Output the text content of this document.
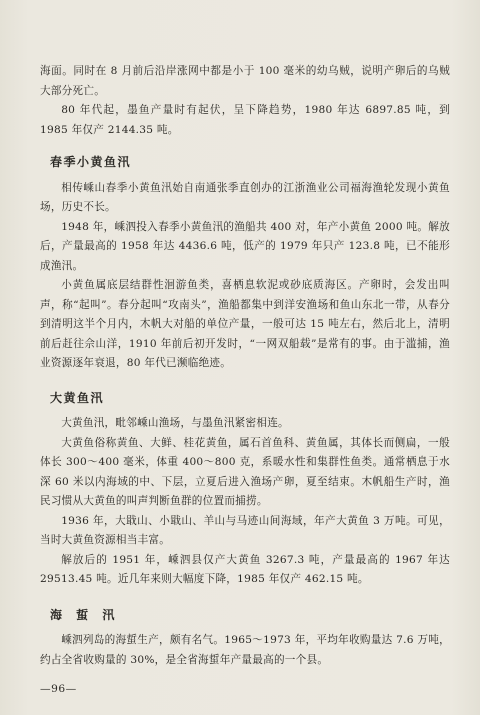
海面。同时在 8 月前后沿岸涨网中都是小于 100 毫米的幼乌贼，说明产卵后的乌贼大部分死亡。

80 年代起，墨鱼产量时有起伏，呈下降趋势，1980 年达 6897.85 吨，到 1985 年仅产 2144.35 吨。

春季小黄鱼汛

相传嵊山春季小黄鱼汛始自南通张季直创办的江浙渔业公司福海渔轮发现小黄鱼场，历史不长。

1948 年，嵊泗投入春季小黄鱼汛的渔船共 400 对，年产小黄鱼 2000 吨。解放后，产量最高的 1958 年达 4436.6 吨，低产的 1979 年只产 123.8 吨，已不能形成渔汛。

小黄鱼属底层结群性洄游鱼类，喜栖息软泥或砂底质海区。产卵时，会发出叫声，称“起叫”。春分起叫“攻南头”，渔船都集中到洋安渔场和鱼山东北一带，从春分到清明这半个月内，木帆大对船的单位产量，一般可达 15 吨左右，然后北上，清明前后赶往佘山洋，1910 年前后初开发时，“一网双船载”是常有的事。由于滥捕，渔业资源逐年衰退，80 年代已濒临绝迹。

大黄鱼汛

大黄鱼汛，毗邻嵊山渔场，与墨鱼汛紧密相连。

大黄鱼俗称黄鱼、大鲜、桂花黄鱼，属石首鱼科、黄鱼属，其体长而侧扁，一般体长 300～400 毫米，体重 400～800 克，系暖水性和集群性鱼类。通常栖息于水深 60 米以内海域的中、下层，立夏后进入渔场产卵，夏至结束。木帆船生产时，渔民习惯从大黄鱼的叫声判断鱼群的位置而捕捞。

1936 年，大戢山、小戢山、羊山与马迹山间海域，年产大黄鱼 3 万吨。可见，当时大黄鱼资源相当丰富。

解放后的 1951 年，嵊泗县仅产大黄鱼 3267.3 吨，产量最高的 1967 年达 29513.45 吨。近几年来则大幅度下降，1985 年仅产 462.15 吨。

海 蜇 汛

嵊泗列岛的海蜇生产，颇有名气。1965～1973 年，平均年收购量达 7.6 万吨，约占全省收购量的 30%，是全省海蜇年产量最高的一个县。

—96—
